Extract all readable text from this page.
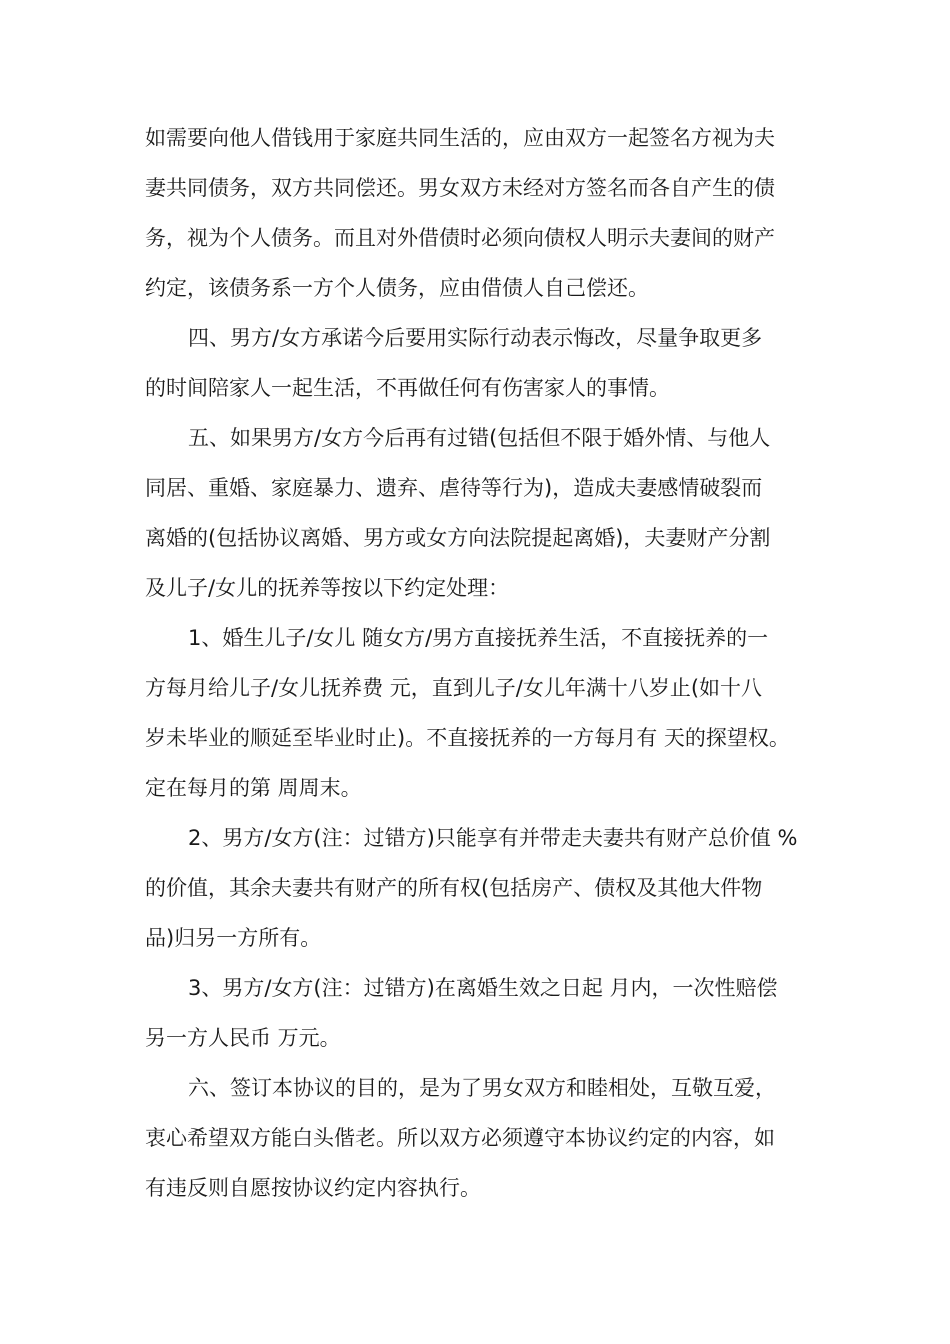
如需要向他人借钱用于家庭共同生活的，应由双方一起签名方视为夫
妻共同债务，双方共同偿还。男女双方未经对方签名而各自产生的债
务，视为个人债务。而且对外借债时必须向债权人明示夫妻间的财产
约定，该债务系一方个人债务，应由借债人自己偿还。
四、男方/女方承诺今后要用实际行动表示悔改，尽量争取更多
的时间陪家人一起生活，不再做任何有伤害家人的事情。
五、如果男方/女方今后再有过错(包括但不限于婚外情、与他人
同居、重婚、家庭暴力、遗弃、虐待等行为)，造成夫妻感情破裂而
离婚的(包括协议离婚、男方或女方向法院提起离婚)，夫妻财产分割
及儿子/女儿的抚养等按以下约定处理：
1、婚生儿子/女儿 随女方/男方直接抚养生活，不直接抚养的一
方每月给儿子/女儿抚养费 元，直到儿子/女儿年满十八岁止(如十八
岁未毕业的顺延至毕业时止)。不直接抚养的一方每月有 天的探望权。
定在每月的第 周周末。
2、男方/女方(注：过错方)只能享有并带走夫妻共有财产总价值 %
的价值，其余夫妻共有财产的所有权(包括房产、债权及其他大件物
品)归另一方所有。
3、男方/女方(注：过错方)在离婚生效之日起 月内，一次性赔偿
另一方人民币 万元。
六、签订本协议的目的，是为了男女双方和睦相处，互敬互爱，
衷心希望双方能白头偕老。所以双方必须遵守本协议约定的内容，如
有违反则自愿按协议约定内容执行。
